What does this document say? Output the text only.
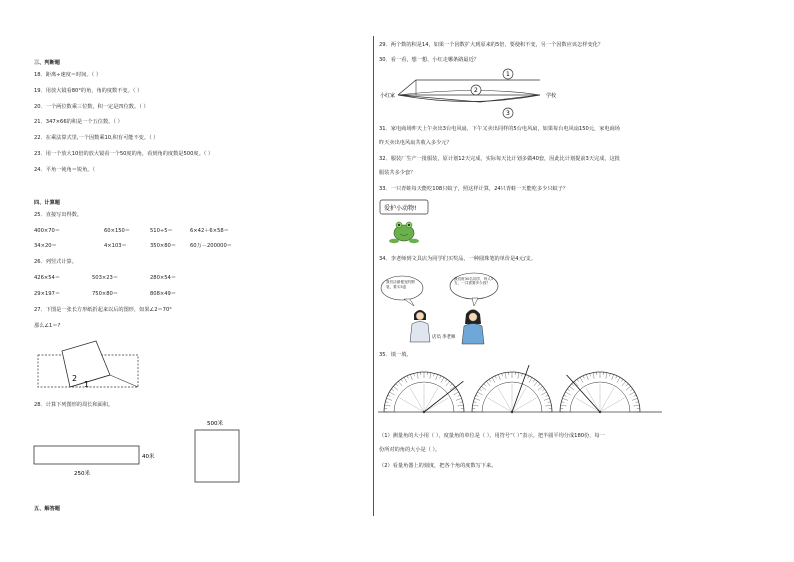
三、判断题
18．距离÷速度＝时间。（ ）
19．用放大镜看80°的角，角的度数不变。（ ）
20．一个两位数乘三位数，积一定是四位数。（ ）
21．347×66的积是一个五位数。（ ）
22．在乘法算式里,一个因数乘10,积有可能不变。（ ）
23．用一个放大10倍的放大镜看一个50度的角，看到角的度数是500度。（ ）
24．平角一钝角＝锐角。（
四、计算题
25．直接写出得数。
400×70＝	60×150＝	510÷5＝	6×42＋6×58＝
34×20＝	4×103＝	350×80＝	60万－200000＝
26．列竖式计算。
426×54＝	503×23＝	280×54＝
29×197＝	750×80＝	808×49＝
27．下图是一张长方形纸折起来以后的图形，如果∠2＝70°
那么∠1＝?
2
1
28．计算下列图形的周长和面积。
250米
40米
500米
五、解答题
29．两个数的积是14，如果一个因数扩大到原来的5倍，要使积不变，另一个因数应该怎样变化？
30．看一看，想一想，小红走哪条路最近？
小红家	学校
1
2
3
31．家电商场昨天上午卖出3台电风扇，下午又卖出同样的5台电风扇，如果每台电风扇150元，家电商场
昨天卖出电风扇共收入多少元？
32．服装厂生产一批服装，原计划12天完成，实际每天比计划多做40套，因此比计划提前3天完成，这批
服装共多少套？
33．一只青蛙每天能吃108只蚊子，照这样计算，24只青蛙一天能吃多少只蚊子？
爱护小动物!
34．李老师到文具店为同学们买奖品，一种圆珠笔的单价是4元/支。
我们店最便宜的钢笔，要买5盒
我们班30名同学，每人1支，一共需要多少钱？
店员 李老师
35．填一填。
（1）测量角的大小用（ ），度量角的单位是（ ），用符号“（ ）”表示。把半圆平均分成180份，每一
份所对的角的大小是（ ）。
（2）看量角器上的刻度，把各个角的度数写下来。
